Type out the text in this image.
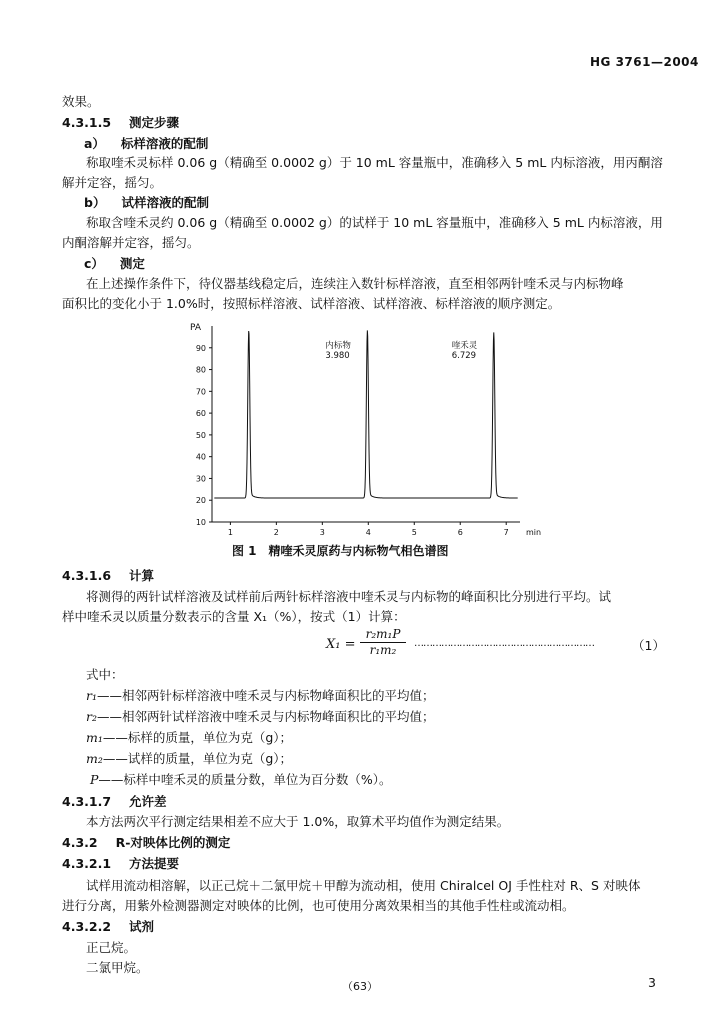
HG 3761—2004
效果。
4.3.1.5 测定步骤
a） 标样溶液的配制
称取喹禾灵标样 0.06 g（精确至 0.0002 g）于 10 mL 容量瓶中，准确移入 5 mL 内标溶液，用丙酮溶
解并定容，摇匀。
b） 试样溶液的配制
称取含喹禾灵约 0.06 g（精确至 0.0002 g）的试样于 10 mL 容量瓶中，准确移入 5 mL 内标溶液，用
内酮溶解并定容，摇匀。
c） 测定
在上述操作条件下，待仪器基线稳定后，连续注入数针标样溶液，直至相邻两针喹禾灵与内标物峰
面积比的变化小于 1.0%时，按照标样溶液、试样溶液、试样溶液、标样溶液的顺序测定。
PA
10
20
30
40
50
60
70
80
90
1	2	3	4	5	6	7 min
内标物
3.980
喹禾灵
6.729
图 1　精喹禾灵原药与内标物气相色谱图
4.3.1.6 计算
将测得的两针试样溶液及试样前后两针标样溶液中喹禾灵与内标物的峰面积比分别进行平均。试
样中喹禾灵以质量分数表示的含量 X₁（%），按式（1）计算：
$X_1 = \frac{\text{r₂m₁P}}{\text{r₁m₂}}$ ……………………………………………………	（1）
式中：
r₁——相邻两针标样溶液中喹禾灵与内标物峰面积比的平均值；
r₂——相邻两针试样溶液中喹禾灵与内标物峰面积比的平均值；
m₁——标样的质量，单位为克（g）；
m₂——试样的质量，单位为克（g）；
P——标样中喹禾灵的质量分数，单位为百分数（%）。
4.3.1.7 允许差
本方法两次平行测定结果相差不应大于 1.0%，取算术平均值作为测定结果。
4.3.2 R-对映体比例的测定
4.3.2.1 方法提要
试样用流动相溶解，以正己烷＋二氯甲烷＋甲醇为流动相，使用 Chiralcel OJ 手性柱对 R、S 对映体
进行分离，用紫外检测器测定对映体的比例，也可使用分离效果相当的其他手性柱或流动相。
4.3.2.2 试剂
正己烷。
二氯甲烷。
（63）	3
